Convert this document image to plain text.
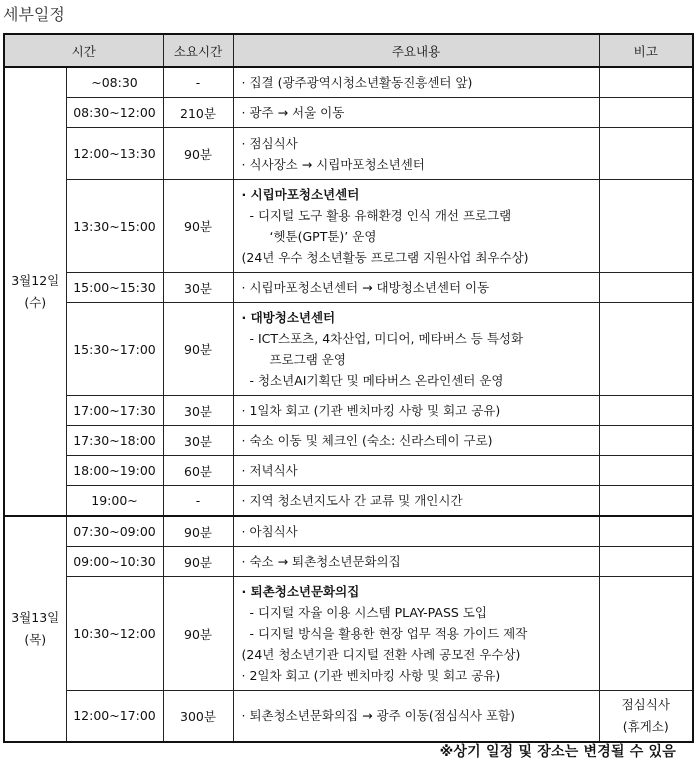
세부일정
시간		소요시간	주요내용	비고

3월12일
(수)	~08:30	-	· 집결 (광주광역시청소년활동진흥센터 앞)	

	08:30~12:00	210분	· 광주 → 서울 이동	

	12:00~13:30	90분	· 점심식사
· 식사장소 → 시립마포청소년센터	

	13:30~15:00	90분	· 시립마포청소년센터
- 디지털 도구 활용 유해환경 인식 개선 프로그램
‘헷툰(GPT툰)’ 운영
(24년 우수 청소년활동 프로그램 지원사업 최우수상)	

	15:00~15:30	30분	· 시립마포청소년센터 → 대방청소년센터 이동	

	15:30~17:00	90분	· 대방청소년센터
- ICT스포츠, 4차산업, 미디어, 메타버스 등 특성화
프로그램 운영
- 청소년AI기획단 및 메타버스 온라인센터 운영	

	17:00~17:30	30분	· 1일차 회고 (기관 벤치마킹 사항 및 회고 공유)	

	17:30~18:00	30분	· 숙소 이동 및 체크인 (숙소: 신라스테이 구로)	

	18:00~19:00	60분	· 저녁식사	

	19:00~	-	· 지역 청소년지도사 간 교류 및 개인시간	

3월13일
(목)	07:30~09:00	90분	· 아침식사	

	09:00~10:30	90분	· 숙소 → 퇴촌청소년문화의집	

	10:30~12:00	90분	· 퇴촌청소년문화의집
- 디지털 자율 이용 시스템 PLAY-PASS 도입
- 디지털 방식을 활용한 현장 업무 적용 가이드 제작
(24년 청소년기관 디지털 전환 사례 공모전 우수상)
· 2일차 회고 (기관 벤치마킹 사항 및 회고 공유)	

	12:00~17:00	300분	· 퇴촌청소년문화의집 → 광주 이동(점심식사 포함)	점심식사
(휴게소)
※상기 일정 및 장소는 변경될 수 있음
